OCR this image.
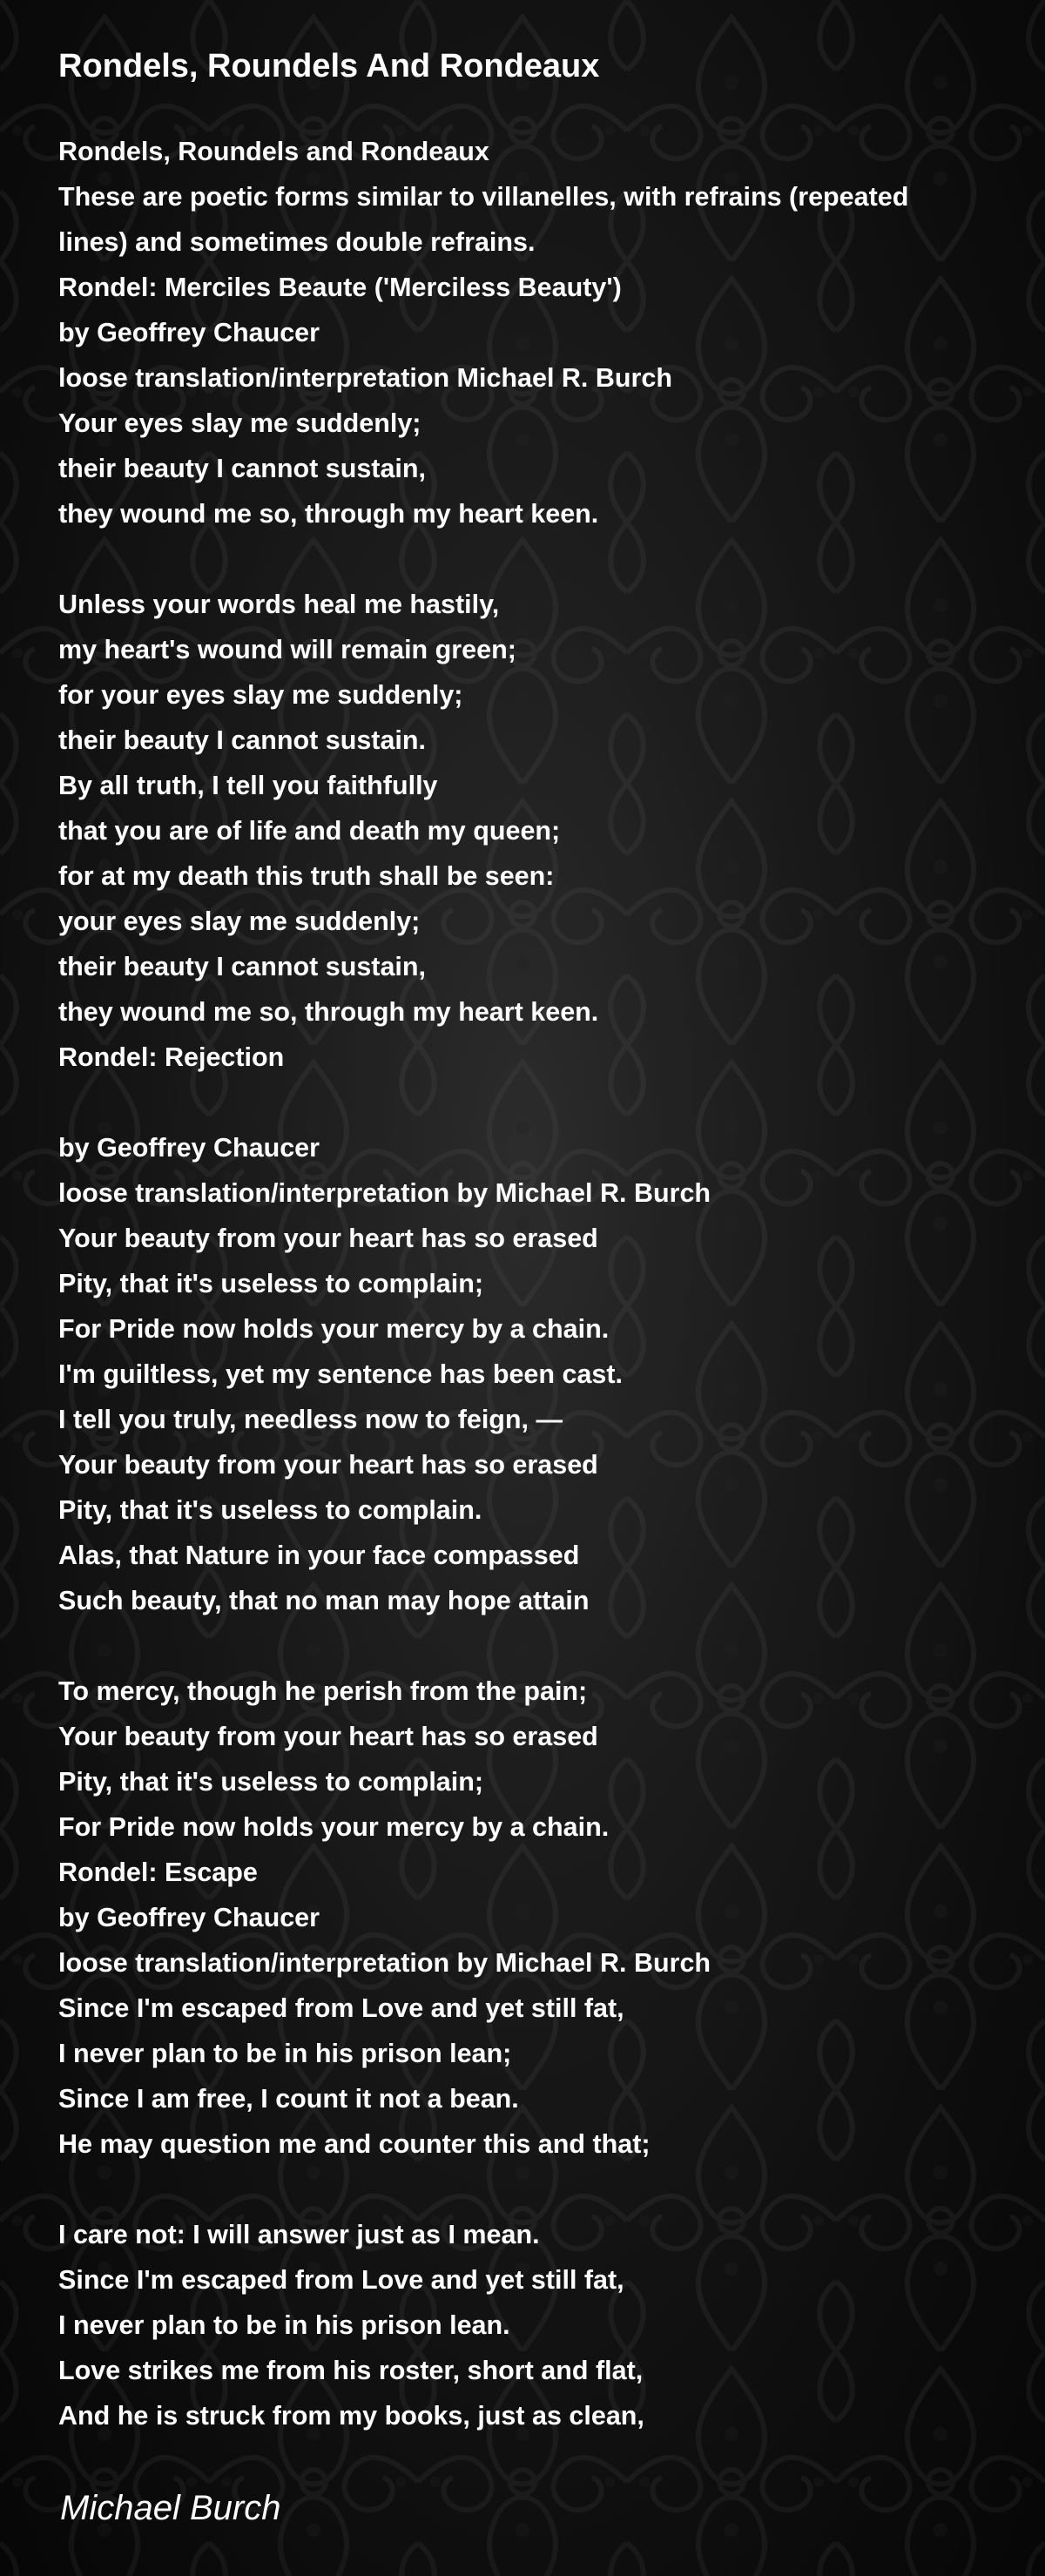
Rondels, Roundels And Rondeaux
Rondels, Roundels and Rondeaux
These are poetic forms similar to villanelles, with refrains (repeated
lines) and sometimes double refrains.
Rondel: Merciles Beaute ('Merciless Beauty')
by Geoffrey Chaucer
loose translation/interpretation Michael R. Burch
Your eyes slay me suddenly;
their beauty I cannot sustain,
they wound me so, through my heart keen.
Unless your words heal me hastily,
my heart's wound will remain green;
for your eyes slay me suddenly;
their beauty I cannot sustain.
By all truth, I tell you faithfully
that you are of life and death my queen;
for at my death this truth shall be seen:
your eyes slay me suddenly;
their beauty I cannot sustain,
they wound me so, through my heart keen.
Rondel: Rejection
by Geoffrey Chaucer
loose translation/interpretation by Michael R. Burch
Your beauty from your heart has so erased
Pity, that it's useless to complain;
For Pride now holds your mercy by a chain.
I'm guiltless, yet my sentence has been cast.
I tell you truly, needless now to feign, —
Your beauty from your heart has so erased
Pity, that it's useless to complain.
Alas, that Nature in your face compassed
Such beauty, that no man may hope attain
To mercy, though he perish from the pain;
Your beauty from your heart has so erased
Pity, that it's useless to complain;
For Pride now holds your mercy by a chain.
Rondel: Escape
by Geoffrey Chaucer
loose translation/interpretation by Michael R. Burch
Since I'm escaped from Love and yet still fat,
I never plan to be in his prison lean;
Since I am free, I count it not a bean.
He may question me and counter this and that;
I care not: I will answer just as I mean.
Since I'm escaped from Love and yet still fat,
I never plan to be in his prison lean.
Love strikes me from his roster, short and flat,
And he is struck from my books, just as clean,
Michael Burch
